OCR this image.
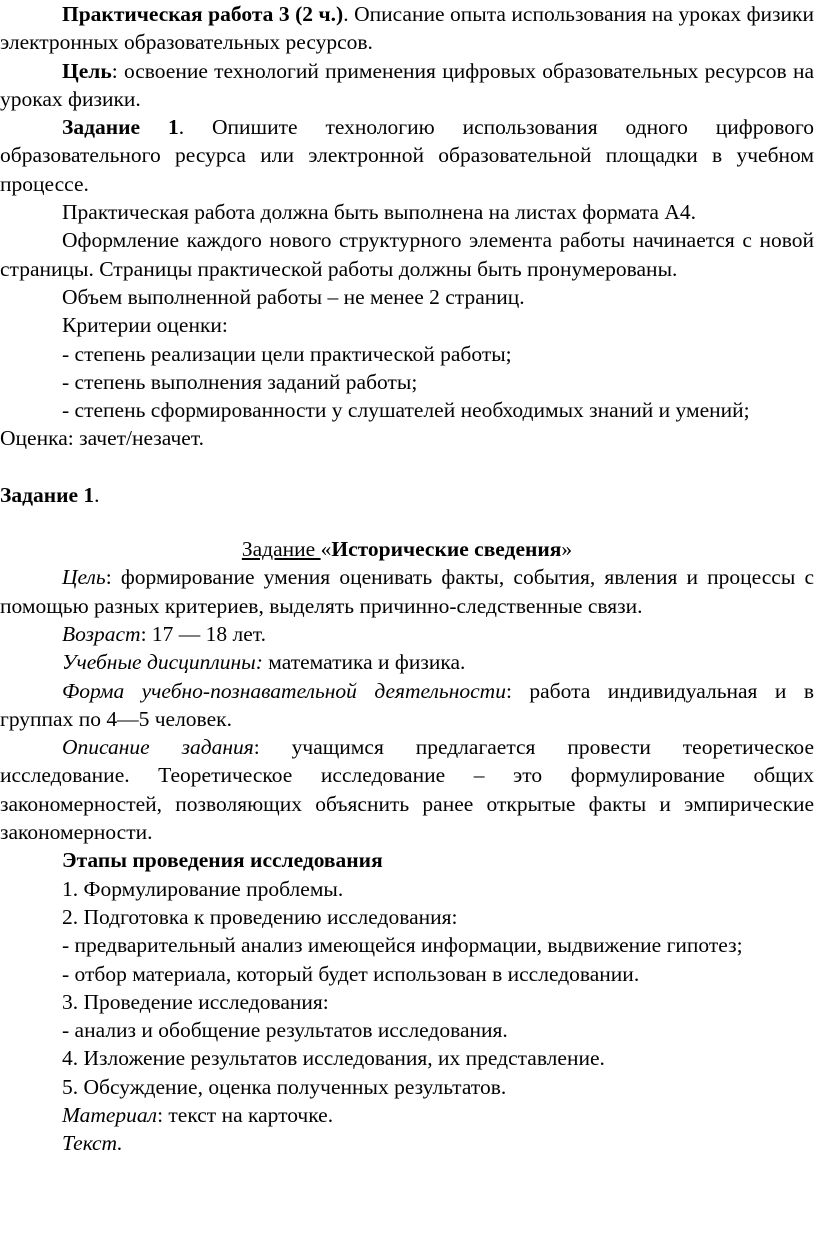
Практическая работа 3 (2 ч.). Описание опыта использования на уроках физики электронных образовательных ресурсов.

Цель: освоение технологий применения цифровых образовательных ресурсов на уроках физики.

Задание 1. Опишите технологию использования одного цифрового образовательного ресурса или электронной образовательной площадки в учебном процессе.

Практическая работа должна быть выполнена на листах формата А4.

Оформление каждого нового структурного элемента работы начинается с новой страницы. Страницы практической работы должны быть пронумерованы.

Объем выполненной работы – не менее 2 страниц.

Критерии оценки:

- степень реализации цели практической работы;

- степень выполнения заданий работы;

- степень сформированности у слушателей необходимых знаний и умений;

Оценка: зачет/незачет.

Задание 1.

Задание «Исторические сведения»

Цель: формирование умения оценивать факты, события, явления и процессы с помощью разных критериев, выделять причинно-следственные связи.

Возраст: 17 — 18 лет.

Учебные дисциплины: математика и физика.

Форма учебно-познавательной деятельности: работа индивидуальная и в группах по 4—5 человек.

Описание задания: учащимся предлагается провести теоретическое исследование. Теоретическое исследование – это формулирование общих закономерностей, позволяющих объяснить ранее открытые факты и эмпирические закономерности.

Этапы проведения исследования

1. Формулирование проблемы.

2. Подготовка к проведению исследования:

- предварительный анализ имеющейся информации, выдвижение гипотез;

- отбор материала, который будет использован в исследовании.

3. Проведение исследования:

- анализ и обобщение результатов исследования.

4. Изложение результатов исследования, их представление.

5. Обсуждение, оценка полученных результатов.

Материал: текст на карточке.

Текст.
